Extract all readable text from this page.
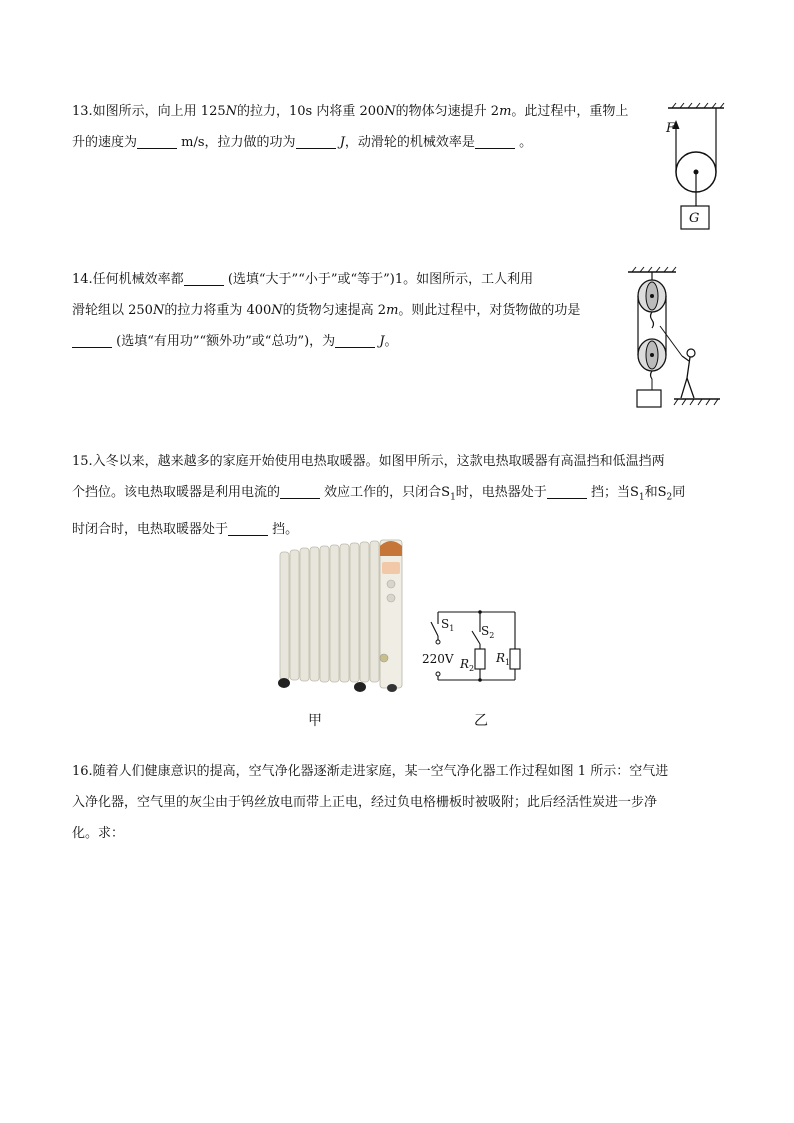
13.如图所示，向上用 125N的拉力，10s 内将重 200N的物体匀速提升 2m。此过程中，重物上
升的速度为	m/s，拉力做的功为	J，动滑轮的机械效率是	。
F
G
14.任何机械效率都	(选填“大于”“小于”或“等于”)1。如图所示，工人利用
滑轮组以 250N的拉力将重为 400N的货物匀速提高 2m。则此过程中，对货物做的功是
(选填“有用功”“额外功”或“总功”)，为	J。
15.入冬以来，越来越多的家庭开始使用电热取暖器。如图甲所示，这款电热取暖器有高温挡和低温挡两
个挡位。该电热取暖器是利用电流的	效应工作的，只闭合$S_1$时，电热器处于	挡；当$S_1$和$S_2$同
时闭合时，电热取暖器处于	挡。
$S_1$ $S_2$
220V $R_2$
$R_1$
甲	乙
16.随着人们健康意识的提高，空气净化器逐渐走进家庭，某一空气净化器工作过程如图 1 所示：空气进
入净化器，空气里的灰尘由于钨丝放电而带上正电，经过负电格栅板时被吸附；此后经活性炭进一步净
化。求：
